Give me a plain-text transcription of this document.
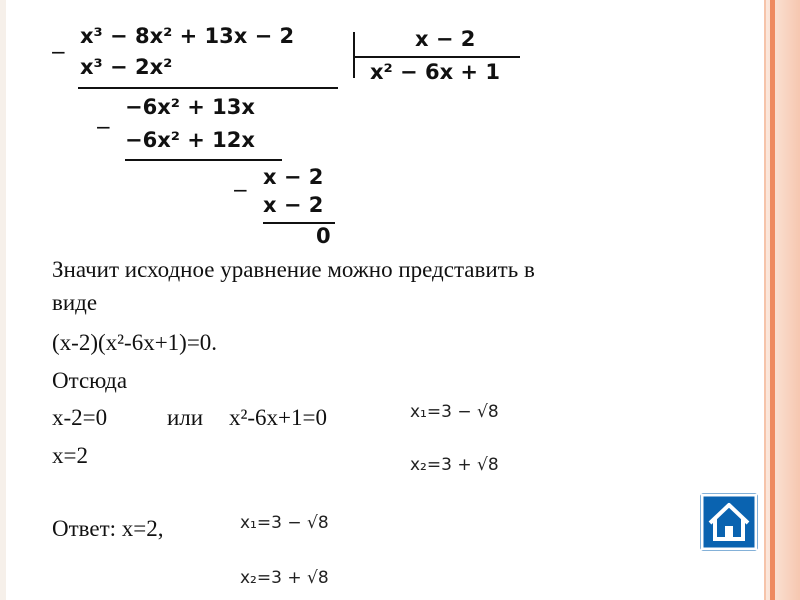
−
x³ − 8x² + 13x − 2
x³ − 2x²
x − 2
x² − 6x + 1
−
−6x² + 13x
−6x² + 12x
−
x − 2
x − 2
0
Значит исходное уравнение можно представить в
виде
(x-2)(x²-6x+1)=0.
Отсюда
x-2=0	или x²-6x+1=0
x=2
Ответ: х=2,
x₁=3 − √8
x₂=3 + √8
x₁=3 − √8
x₂=3 + √8
